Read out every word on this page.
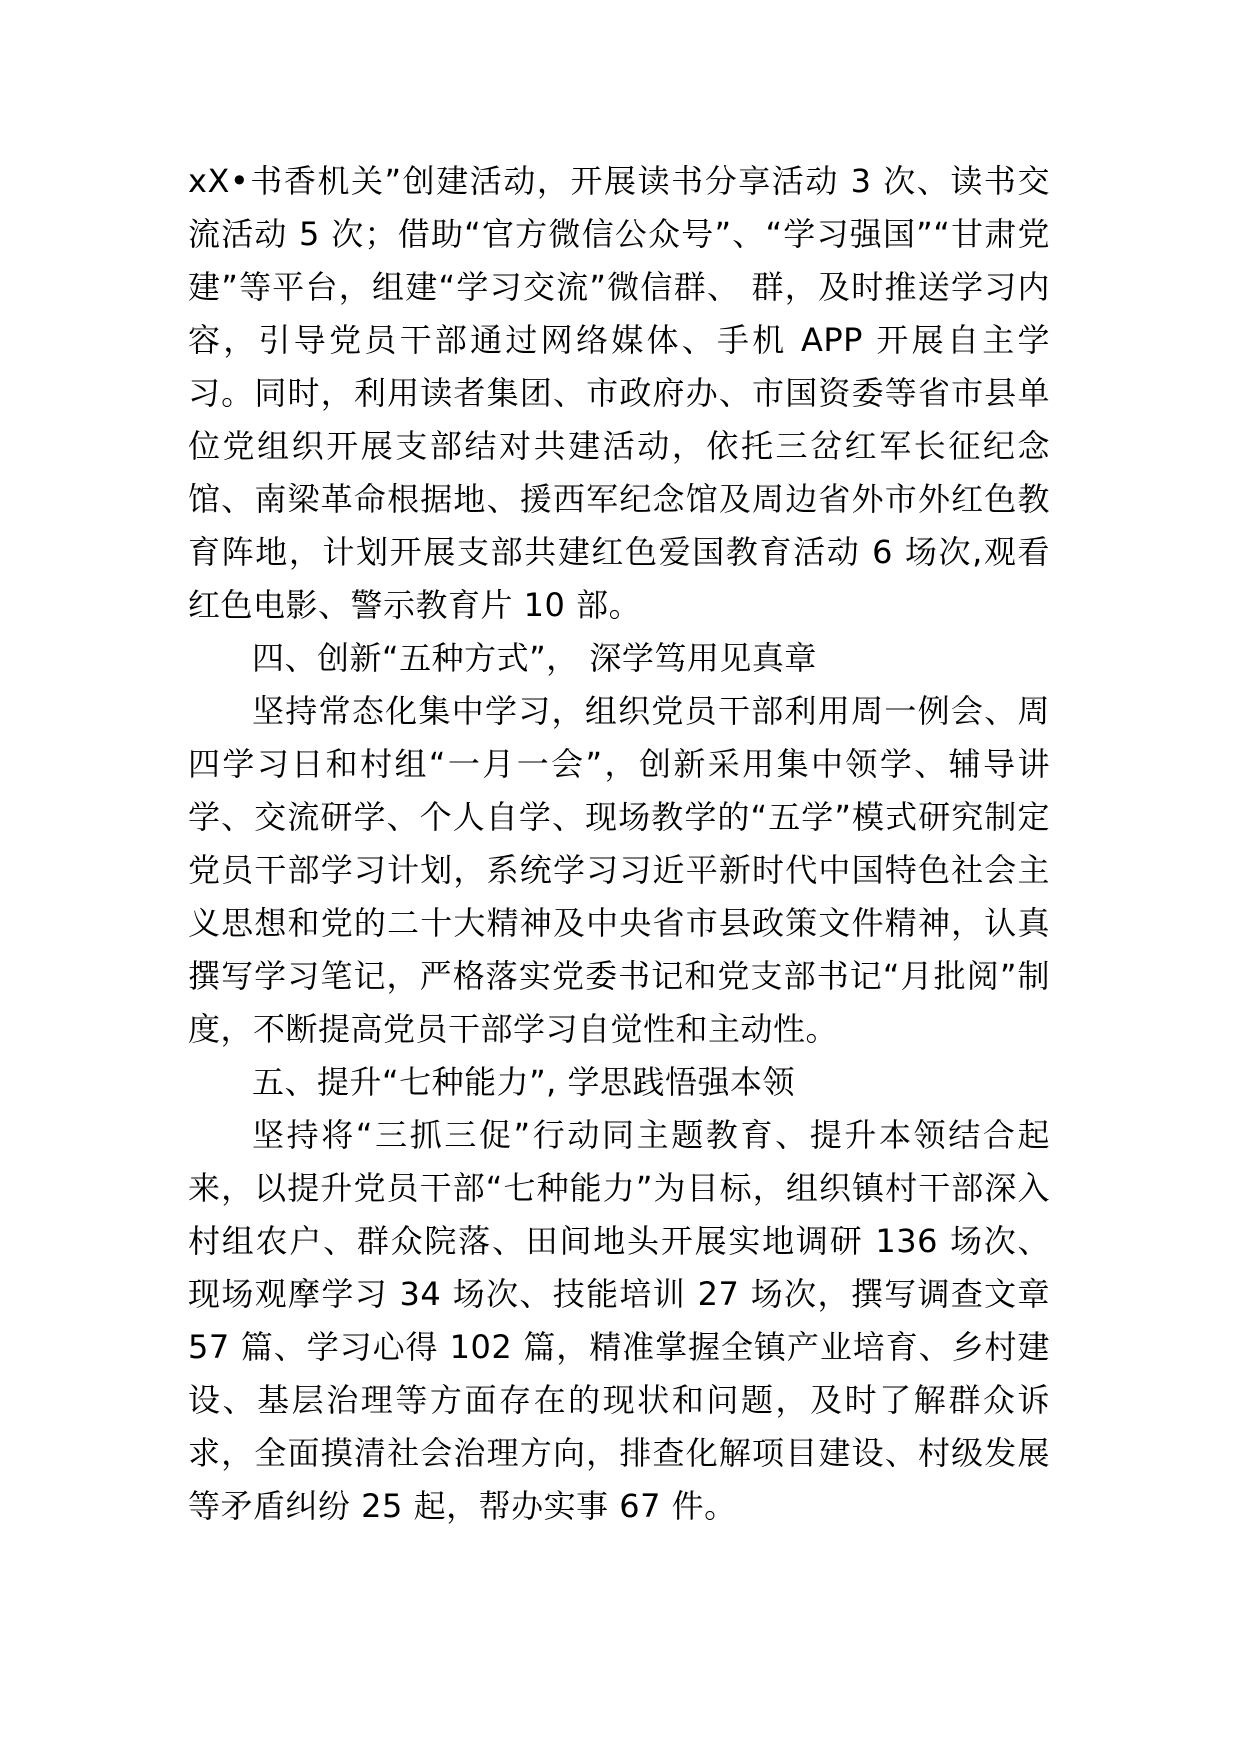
xX•书香机关”创建活动，开展读书分享活动 3 次、读书交流活动 5 次；借助“官方微信公众号”、“学习强国”“甘肃党建”等平台，组建“学习交流”微信群、 群，及时推送学习内容，引导党员干部通过网络媒体、手机 APP 开展自主学习。同时，利用读者集团、市政府办、市国资委等省市县单位党组织开展支部结对共建活动，依托三岔红军长征纪念馆、南梁革命根据地、援西军纪念馆及周边省外市外红色教育阵地，计划开展支部共建红色爱国教育活动 6 场次,观看红色电影、警示教育片 10 部。

四、创新“五种方式”， 深学笃用见真章

坚持常态化集中学习，组织党员干部利用周一例会、周四学习日和村组“一月一会”，创新采用集中领学、辅导讲学、交流研学、个人自学、现场教学的“五学”模式研究制定党员干部学习计划，系统学习习近平新时代中国特色社会主义思想和党的二十大精神及中央省市县政策文件精神，认真撰写学习笔记，严格落实党委书记和党支部书记“月批阅”制度，不断提高党员干部学习自觉性和主动性。

五、提升“七种能力”, 学思践悟强本领

坚持将“三抓三促”行动同主题教育、提升本领结合起来，以提升党员干部“七种能力”为目标，组织镇村干部深入村组农户、群众院落、田间地头开展实地调研 136 场次、现场观摩学习 34 场次、技能培训 27 场次，撰写调查文章 57 篇、学习心得 102 篇，精准掌握全镇产业培育、乡村建设、基层治理等方面存在的现状和问题，及时了解群众诉求，全面摸清社会治理方向，排查化解项目建设、村级发展等矛盾纠纷 25 起，帮办实事 67 件。
